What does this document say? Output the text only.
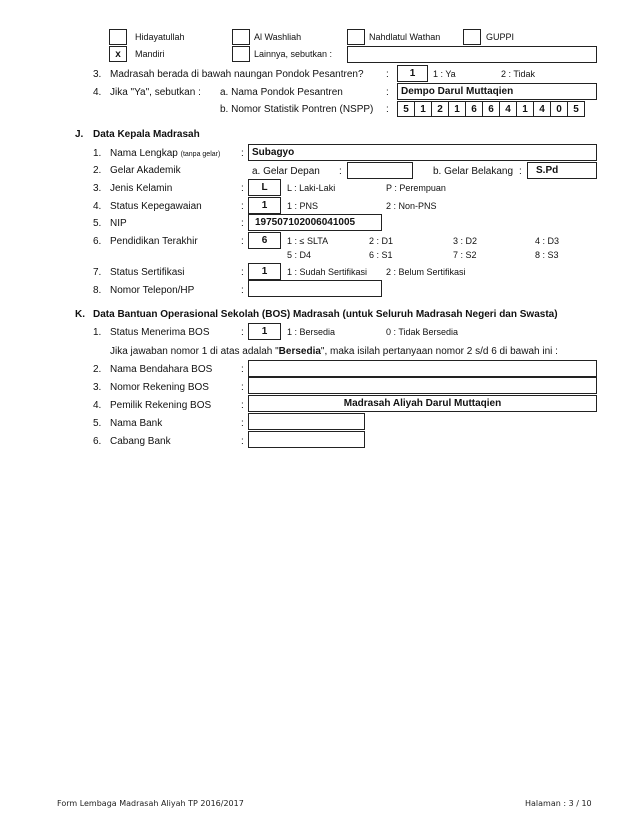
Hidayatullah	Al Washliah	Nahdlatul Wathan	GUPPI
x	Mandiri	Lainnya, sebutkan :
3. Madrasah berada di bawah naungan Pondok Pesantren? :	1	1 : Ya	2 : Tidak
4. Jika "Ya", sebutkan : a. Nama Pondok Pesantren	:	Dempo Darul Muttaqien
b. Nomor Statistik Pontren (NSPP) :	5	1	2	1	6	6	4	1	4	0	5
J. Data Kepala Madrasah
1. Nama Lengkap (tanpa gelar) : Subagyo
2. Gelar Akademik	a. Gelar Depan :	b. Gelar Belakang :	S.Pd
3. Jenis Kelamin	:	L	L : Laki-Laki	P : Perempuan
4. Status Kepegawaian	:	1	1 : PNS	2 : Non-PNS
5. NIP	:	197507102006041005
6. Pendidikan Terakhir	:	6	1 : ≤ SLTA	2 : D1	3 : D2	4 : D3
5 : D4	6 : S1	7 : S2	8 : S3
7. Status Sertifikasi	:	1	1 : Sudah Sertifikasi 2 : Belum Sertifikasi
8. Nomor Telepon/HP	:
K. Data Bantuan Operasional Sekolah (BOS) Madrasah (untuk Seluruh Madrasah Negeri dan Swasta)
1. Status Menerima BOS	:	1	1 : Bersedia	0 : Tidak Bersedia
Jika jawaban nomor 1 di atas adalah "Bersedia", maka isilah pertanyaan nomor 2 s/d 6 di bawah ini :
2. Nama Bendahara BOS	:
3. Nomor Rekening BOS	:
4. Pemilik Rekening BOS	:	Madrasah Aliyah Darul Muttaqien
5. Nama Bank	:
6. Cabang Bank	:
Form Lembaga Madrasah Aliyah TP 2016/2017	Halaman : 3 / 10
